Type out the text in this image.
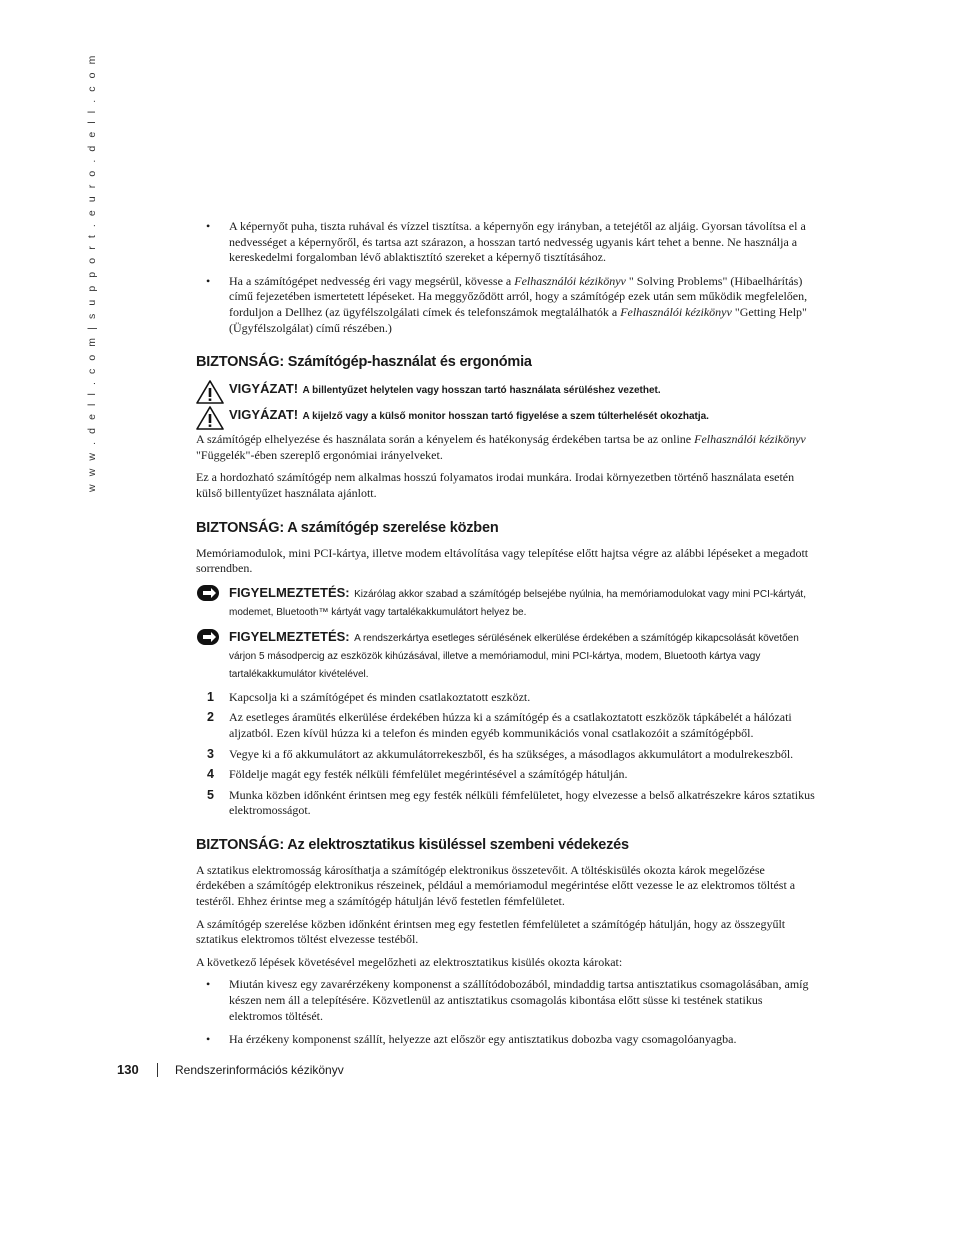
w w w . d e l l . c o m | s u p p o r t . e u r o . d e l l . c o m	• A képernyőt puha, tiszta ruhával és vízzel tisztítsa. a képernyőn egy irányban, a tetejétől az aljáig. Gyorsan távolítsa el a nedvességet a képernyőről, és tartsa azt szárazon, a hosszan tartó nedvesség ugyanis kárt tehet a benne. Ne használja a kereskedelmi forgalomban lévő ablaktisztító szereket a képernyő tisztításához.
• Ha a számítógépet nedvesség éri vagy megsérül, kövesse a Felhasználói kézikönyv " Solving Problems" (Hibaelhárítás) című fejezetében ismertetett lépéseket. Ha meggyőződött arról, hogy a számítógép ezek után sem működik megfelelően, forduljon a Dellhez (az ügyfélszolgálati címek és telefonszámok megtalálhatók a Felhasználói kézikönyv "Getting Help" (Ügyfélszolgálat) című részében.)
BIZTONSÁG: Számítógép-használat és ergonómia
VIGYÁZAT! A billentyűzet helytelen vagy hosszan tartó használata sérüléshez vezethet.
VIGYÁZAT! A kijelző vagy a külső monitor hosszan tartó figyelése a szem túlterhelését okozhatja.

A számítógép elhelyezése és használata során a kényelem és hatékonyság érdekében tartsa be az online Felhasználói kézikönyv "Függelék"-ében szereplő ergonómiai irányelveket.

Ez a hordozható számítógép nem alkalmas hosszú folyamatos irodai munkára. Irodai környezetben történő használata esetén külső billentyűzet használata ajánlott.

BIZTONSÁG: A számítógép szerelése közben

Memóriamodulok, mini PCI-kártya, illetve modem eltávolítása vagy telepítése előtt hajtsa végre az alábbi lépéseket a megadott sorrendben.

FIGYELMEZTETÉS: Kizárólag akkor szabad a számítógép belsejébe nyúlnia, ha memóriamodulokat vagy mini PCI-kártyát, modemet, Bluetooth™ kártyát vagy tartalékakkumulátort helyez be.
FIGYELMEZTETÉS: A rendszerkártya esetleges sérülésének elkerülése érdekében a számítógép kikapcsolását követően várjon 5 másodpercig az eszközök kihúzásával, illetve a memóriamodul, mini PCI-kártya, modem, Bluetooth kártya vagy tartalékakkumulátor kivételével.
1 Kapcsolja ki a számítógépet és minden csatlakoztatott eszközt.
2 Az esetleges áramütés elkerülése érdekében húzza ki a számítógép és a csatlakoztatott eszközök tápkábelét a hálózati aljzatból. Ezen kívül húzza ki a telefon és minden egyéb kommunikációs vonal csatlakozóit a számítógépből.
3 Vegye ki a fő akkumulátort az akkumulátorrekeszből, és ha szükséges, a másodlagos akkumulátort a modulrekeszből.
4 Földelje magát egy festék nélküli fémfelület megérintésével a számítógép hátulján.
5 Munka közben időnként érintsen meg egy festék nélküli fémfelületet, hogy elvezesse a belső alkatrészekre káros sztatikus elektromosságot.
BIZTONSÁG: Az elektrosztatikus kisüléssel szembeni védekezés

A sztatikus elektromosság károsíthatja a számítógép elektronikus összetevőit. A töltéskisülés okozta károk megelőzése érdekében a számítógép elektronikus részeinek, például a memóriamodul megérintése előtt vezesse le az elektromos töltést a testéről. Ehhez érintse meg a számítógép hátulján lévő festetlen fémfelületet.

A számítógép szerelése közben időnként érintsen meg egy festetlen fémfelületet a számítógép hátulján, hogy az összegyűlt sztatikus elektromos töltést elvezesse testéből.

A következő lépések követésével megelőzheti az elektrosztatikus kisülés okozta károkat:

• Miután kivesz egy zavarérzékeny komponenst a szállítódobozából, mindaddig tartsa antisztatikus csomagolásában, amíg készen nem áll a telepítésére. Közvetlenül az antisztatikus csomagolás kibontása előtt süsse ki testének statikus elektromos töltését.
• Ha érzékeny komponenst szállít, helyezze azt először egy antisztatikus dobozba vagy csomagolóanyagba.
130	Rendszerinformációs kézikönyv
